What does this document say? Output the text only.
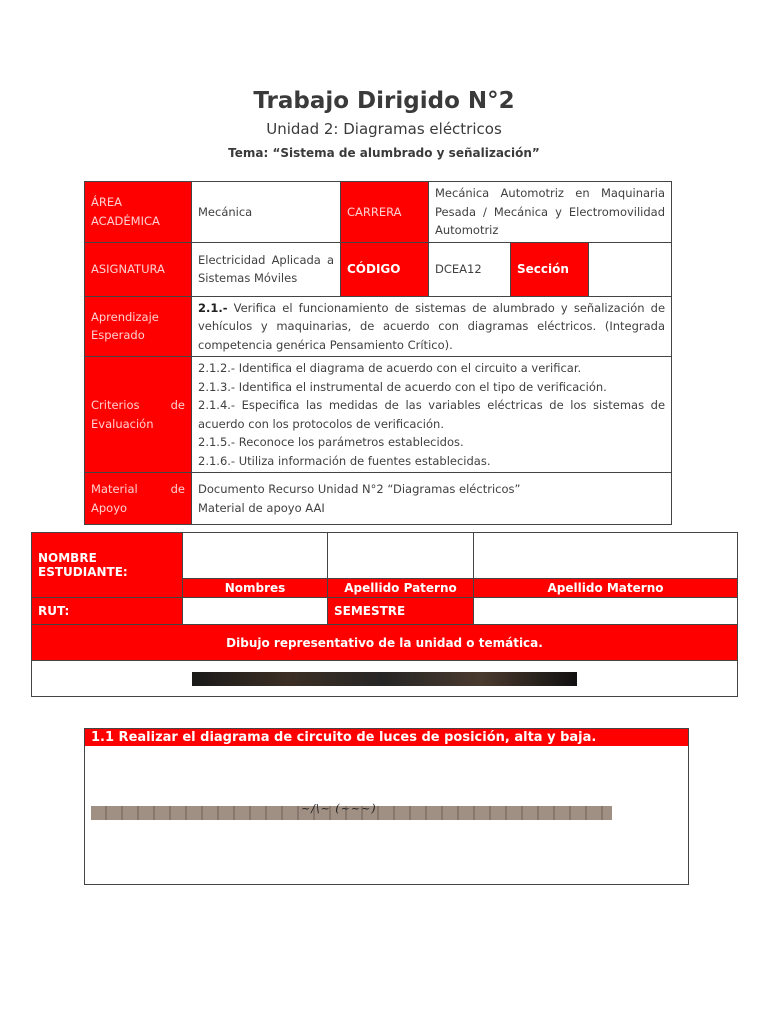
Trabajo Dirigido N°2
Unidad 2: Diagramas eléctricos
Tema: “Sistema de alumbrado y señalización”
ÁREA ACADÉMICA	Mecánica	CARRERA	Mecánica Automotriz en Maquinaria Pesada / Mecánica y Electromovilidad Automotriz		
ASIGNATURA	Electricidad Aplicada a Sistemas Móviles	CÓDIGO	DCEA12	Sección	
Aprendizaje Esperado	2.1.- Verifica el funcionamiento de sistemas de alumbrado y señalización de vehículos y maquinarias, de acuerdo con diagramas eléctricos. (Integrada competencia genérica Pensamiento Crítico).				
Criterios de Evaluación	2.1.2.- Identifica el diagrama de acuerdo con el circuito a verificar.
2.1.3.- Identifica el instrumental de acuerdo con el tipo de verificación.
2.1.4.- Especifica las medidas de las variables eléctricas de los sistemas de acuerdo con los protocolos de verificación.
2.1.5.- Reconoce los parámetros establecidos.
2.1.6.- Utiliza información de fuentes establecidas.				

Material de Apoyo	Documento Recurso Unidad N°2 “Diagramas eléctricos”
Material de apoyo AAI				
NOMBRE ESTUDIANTE:			
	Nombres	Apellido Paterno	Apellido Materno
RUT:		SEMESTRE	
Dibujo representativo de la unidad o temática.			

1.1 Realizar el diagrama de circuito de luces de posición, alta y baja.
~/\~ (~~~)
